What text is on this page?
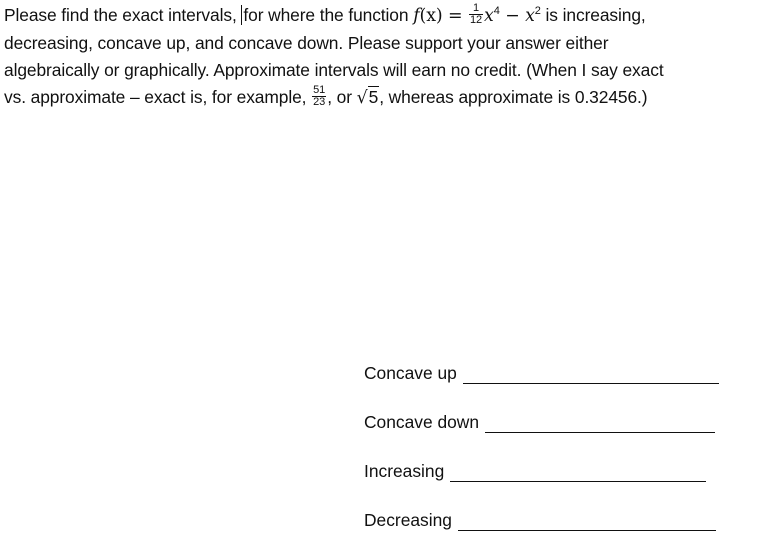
Please find the exact intervals, for where the function $f(x) = \frac{1}{12} x^4 - x^2$ is increasing,
decreasing, concave up, and concave down. Please support your answer either
algebraically or graphically. Approximate intervals will earn no credit. (When I say exact
vs. approximate – exact is, for example, $\frac{51}{23}$ , or √5, whereas approximate is 0.32456.)
Concave up
Concave down
Increasing
Decreasing
